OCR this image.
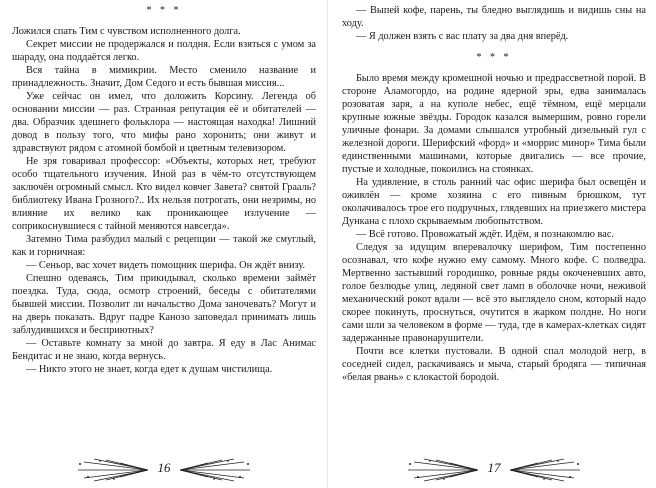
* * *

Ложился спать Тим с чувством исполненного долга.

Секрет миссии не продержался и полдня. Если взяться с умом за шараду, она поддаётся легко.

Вся тайна в мимикрии. Место сменило название и принадлежность. Значит, Дом Седого и есть бывшая миссия...

Уже сейчас он имел, что доложить Корсину. Легенда об основании миссии — раз. Странная репутация её и обитателей — два. Образчик здешнего фольклора — настоящая находка! Лишний довод в пользу того, что мифы рано хоронить; они живут и здравствуют рядом с атомной бомбой и цветным телевизором.

Не зря говаривал профессор: «Объекты, которых нет, требуют особо тщательного изучения. Иной раз в чём-то отсутствующем заключён огромный смысл. Кто видел ковчег Завета? святой Грааль? библиотеку Ивана Грозного?.. Их нельзя потрогать, они незримы, но влияние их велико как проникающее излучение — соприкоснувшиеся с тайной меняются навсегда».

Затемно Тима разбудил малый с рецепции — такой же смуглый, как и горничная:

— Сеньор, вас хочет видеть помощник шерифа. Он ждёт внизу.

Спешно одеваясь, Тим прикидывал, сколько времени займёт поездка. Туда, сюда, осмотр строений, беседы с обитателями бывшей миссии. Позволит ли начальство Дома заночевать? Могут и на дверь показать. Вдруг падре Канозо заповедал принимать лишь заблудившихся и бесприютных?

— Оставьте комнату за мной до завтра. Я еду в Лас Анимас Бендитас и не знаю, когда вернусь.

— Никто этого не знает, когда едет к душам чистилища.

— Выпей кофе, парень, ты бледно выглядишь и видишь сны на ходу.

— Я должен взять с вас плату за два дня вперёд.

* * *

Было время между кромешной ночью и предрассветной порой. В стороне Аламогордо, на родине ядерной эры, едва занималась розоватая заря, а на куполе небес, ещё тёмном, ещё мерцали крупные южные звёзды. Городок казался вымершим, ровно горели уличные фонари. За домами слышался утробный дизельный гул с железной дороги. Шерифский «форд» и «моррис минор» Тима были единственными машинами, которые двигались — все прочие, пустые и холодные, покоились на стоянках.

На удивление, в столь ранний час офис шерифа был освещён и оживлён — кроме хозяина с его пивным брюшком, тут околачивалось трое его подручных, глядевших на приезжего мистера Дункана с плохо скрываемым любопытством.

— Всё готово. Провожатый ждёт. Идём, я познакомлю вас.

Следуя за идущим вперевалочку шерифом, Тим постепенно осознавал, что кофе нужно ему самому. Много кофе. С полведра. Мертвенно застывший городишко, ровные ряды окоченевших авто, голое безлюдье улиц, ледяной свет ламп в оболочке ночи, неживой механический рокот вдали — всё это выглядело сном, который надо скорее покинуть, проснуться, очутится в жарком полдне. Но ноги сами шли за человеком в форме — туда, где в камерах-клетках сидят задержанные правонарушители.

Почти все клетки пустовали. В одной спал молодой негр, в соседней сидел, раскачиваясь и мыча, старый бродяга — типичная «белая рвань» с клокастой бородой.

16	17
